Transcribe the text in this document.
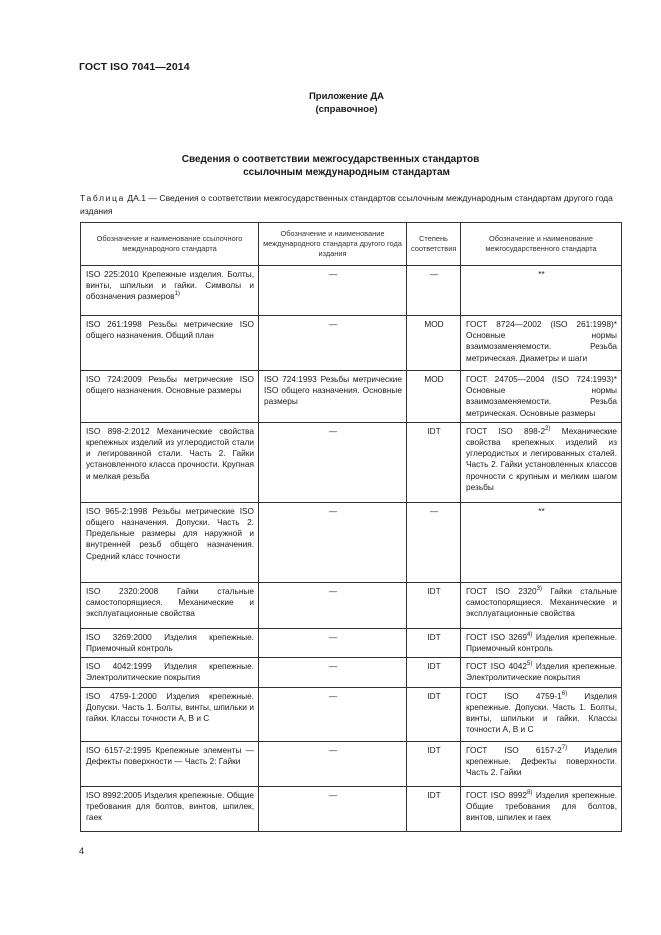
ГОСТ ISO 7041—2014
Приложение ДА
(справочное)
Сведения о соответствии межгосударственных стандартов
ссылочным международным стандартам
Таблица ДА.1 — Сведения о соответствии межгосударственных стандартов ссылочным международным стандартам другого года издания
Обозначение и наименование ссылочного международного стандарта	Обозначение и наименование международного стандарта другого года издания	Степень соответствия	Обозначение и наименование межгосударственного стандарта
ISO 225:2010 Крепежные изделия. Болты, винты, шпильки и гайки. Символы и обозначения размеров$^{1)}$	—	—	**
ISO 261:1998 Резьбы метрические ISO общего назначения. Общий план	—	MOD	ГОСТ 8724—2002 (ISO 261:1998)* Основные нормы взаимозаменяемости. Резьба метрическая. Диаметры и шаги
ISO 724:2009 Резьбы метрические ISO общего назначения. Основные размеры	ISO 724:1993 Резьбы метрические ISO общего назначения. Основные размеры	MOD	ГОСТ 24705—2004 (ISO 724:1993)* Основные нормы взаимозаменяемости. Резьба метрическая. Основные размеры
ISO 898-2:2012 Механические свойства крепежных изделий из углеродистой стали и легированной стали. Часть 2. Гайки установленного класса прочности. Крупная и мелкая резьба	—	IDT	ГОСТ ISO 898-2$^{2)}$ Механические свойства крепежных изделий из углеродистых и легированных сталей. Часть 2. Гайки установленных классов прочности с крупным и мелким шагом резьбы
ISO 965-2:1998 Резьбы метрические ISO общего назначения. Допуски. Часть 2. Предельные размеры для наружной и внутренней резьб общего назначения. Средний класс точности	—	—	**
ISO 2320:2008 Гайки стальные самостопорящиеся. Механические и эксплуатационные свойства	—	IDT	ГОСТ ISO 2320$^{3)}$ Гайки стальные самостопорящиеся. Механические и эксплуатационные свойства
ISO 3269:2000 Изделия крепежные. Приемочный контроль	—	IDT	ГОСТ ISO 3269$^{4)}$ Изделия крепежные. Приемочный контроль
ISO 4042:1999 Изделия крепежные. Электролитические покрытия	—	IDT	ГОСТ ISO 4042$^{5)}$ Изделия крепежные. Электролитические покрытия
ISO 4759-1:2000 Изделия крепежные. Допуски. Часть 1. Болты, винты, шпильки и гайки. Классы точности А, В и С	—	IDT	ГОСТ ISO 4759-1$^{6)}$ Изделия крепежные. Допуски. Часть 1. Болты, винты, шпильки и гайки. Классы точности А, В и С
ISO 6157-2:1995 Крепежные элементы — Дефекты поверхности — Часть 2: Гайки	—	IDT	ГОСТ ISO 6157-2$^{7)}$ Изделия крепежные. Дефекты поверхности. Часть 2. Гайки
ISO 8992:2005 Изделия крепежные. Общие требования для болтов, винтов, шпилек, гаек	—	IDT	ГОСТ ISO 8992$^{8)}$ Изделия крепежные. Общие требования для болтов, винтов, шпилек и гаек
4
